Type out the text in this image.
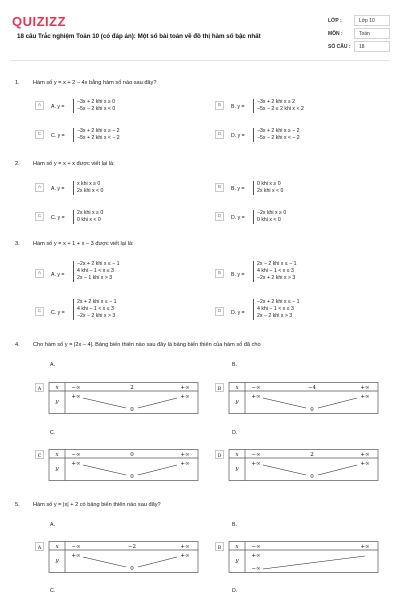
QUIZIZZ
18 câu Trắc nghiệm Toán 10 (có đáp án): Một số bài toán về đồ thị hàm số bậc nhất
LỚP :	Lớp 10
MÔN :	Toán
SỐ CÂU :	18
1. Hàm số y = x + 2 – 4x bằng hàm số nào sau đây?
A	A. y =
−3x + 2 khi x ≥ 0
−5x − 2 khi x < 0
B	B. y =
−3x + 2 khi x ≥ 2
−5x − 2 ≤ 2 khi x < 2
C	C. y =
−3x + 2 khi x ≥ − 2
−5x + 2 khi x < − 2
D	D. y =
−3x + 2 khi x ≥ − 2
−5x − 2 khi x < − 2
2. Hàm số y = x + x được viết lại là:
A	A. y =
x khi x ≥ 0
2x khi x < 0
B	B. y =
0 khi x ≥ 0
2x khi x < 0
C	C. y =
2x khi x ≥ 0
0 khi x < 0
D	D. y =
−2x khi x ≥ 0
0 khi x < 0
3. Hàm số y = x + 1 + x – 3 được viết lại là:
A	A. y =
−2x + 2 khi x ≤ − 1
4 khi − 1 < x ≤ 3
2x − 1 khi x > 3
B	B. y =
2x − 2 khi x ≤ − 1
4 khi − 1 < x ≤ 3
−2x + 2 khi x > 3
C	C. y =
2x + 2 khi x ≤ − 1
4 khi − 1 < x ≤ 3
−2x − 2 khi x > 3
D	D. y =
−2x + 2 khi x ≤ − 1
4 khi − 1 < x ≤ 3
2x − 2 khi x > 3
4. Cho hàm số y = |2x – 4|. Bảng biến thiên nào sau đây là bảng biến thiên của hàm số đã cho
A.	B.
A	x −∞	2	+∞
y
+∞
0
+∞
B	x −∞	−4	+∞
y
+∞
0
+∞
C.	D.
C	x −∞	0	+∞
y
+∞
0
+∞
D	x −∞	2	+∞
y
+∞
0
+∞
5. Hàm số y = |x| + 2 có bảng biến thiên nào sau đây?
A.	B.
A	x −∞	−2	+∞
y
+∞
0
+∞
B	x −∞	+∞
y
+∞
−∞
C.	D.
